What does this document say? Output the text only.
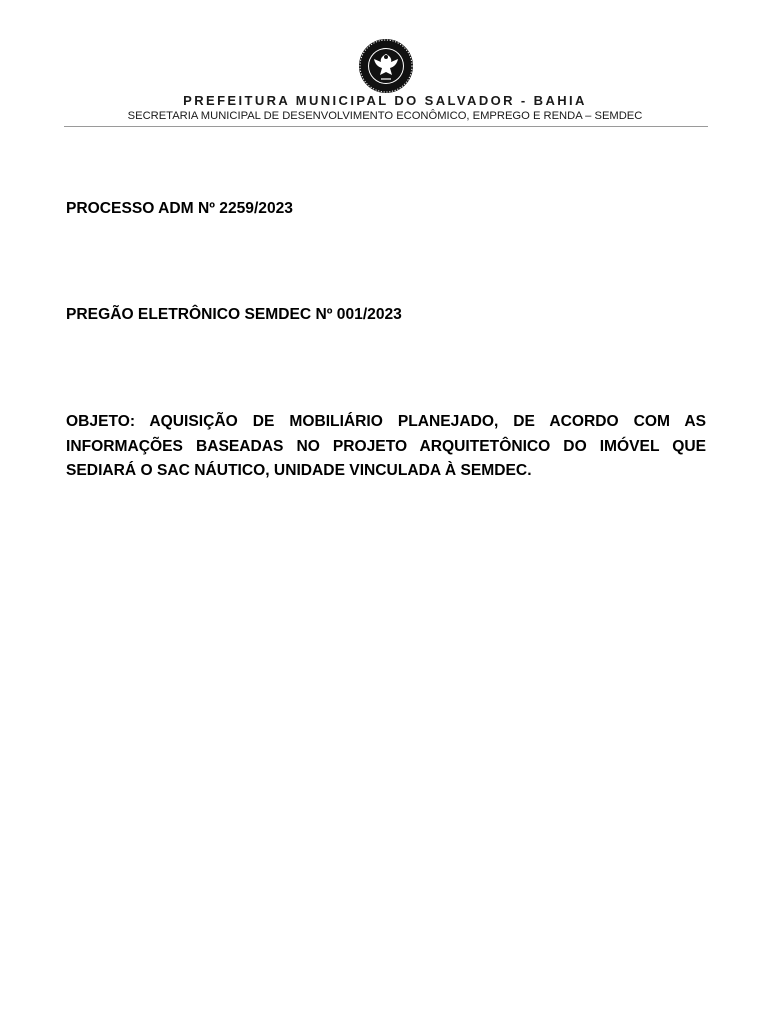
PREFEITURA MUNICIPAL DO SALVADOR - BAHIA
SECRETARIA MUNICIPAL DE DESENVOLVIMENTO ECONÔMICO, EMPREGO E RENDA – SEMDEC
PROCESSO ADM Nº 2259/2023
PREGÃO ELETRÔNICO SEMDEC Nº 001/2023
OBJETO: AQUISIÇÃO DE MOBILIÁRIO PLANEJADO, DE ACORDO COM AS
INFORMAÇÕES BASEADAS NO PROJETO ARQUITETÔNICO DO IMÓVEL QUE
SEDIARÁ O SAC NÁUTICO, UNIDADE VINCULADA À SEMDEC.
